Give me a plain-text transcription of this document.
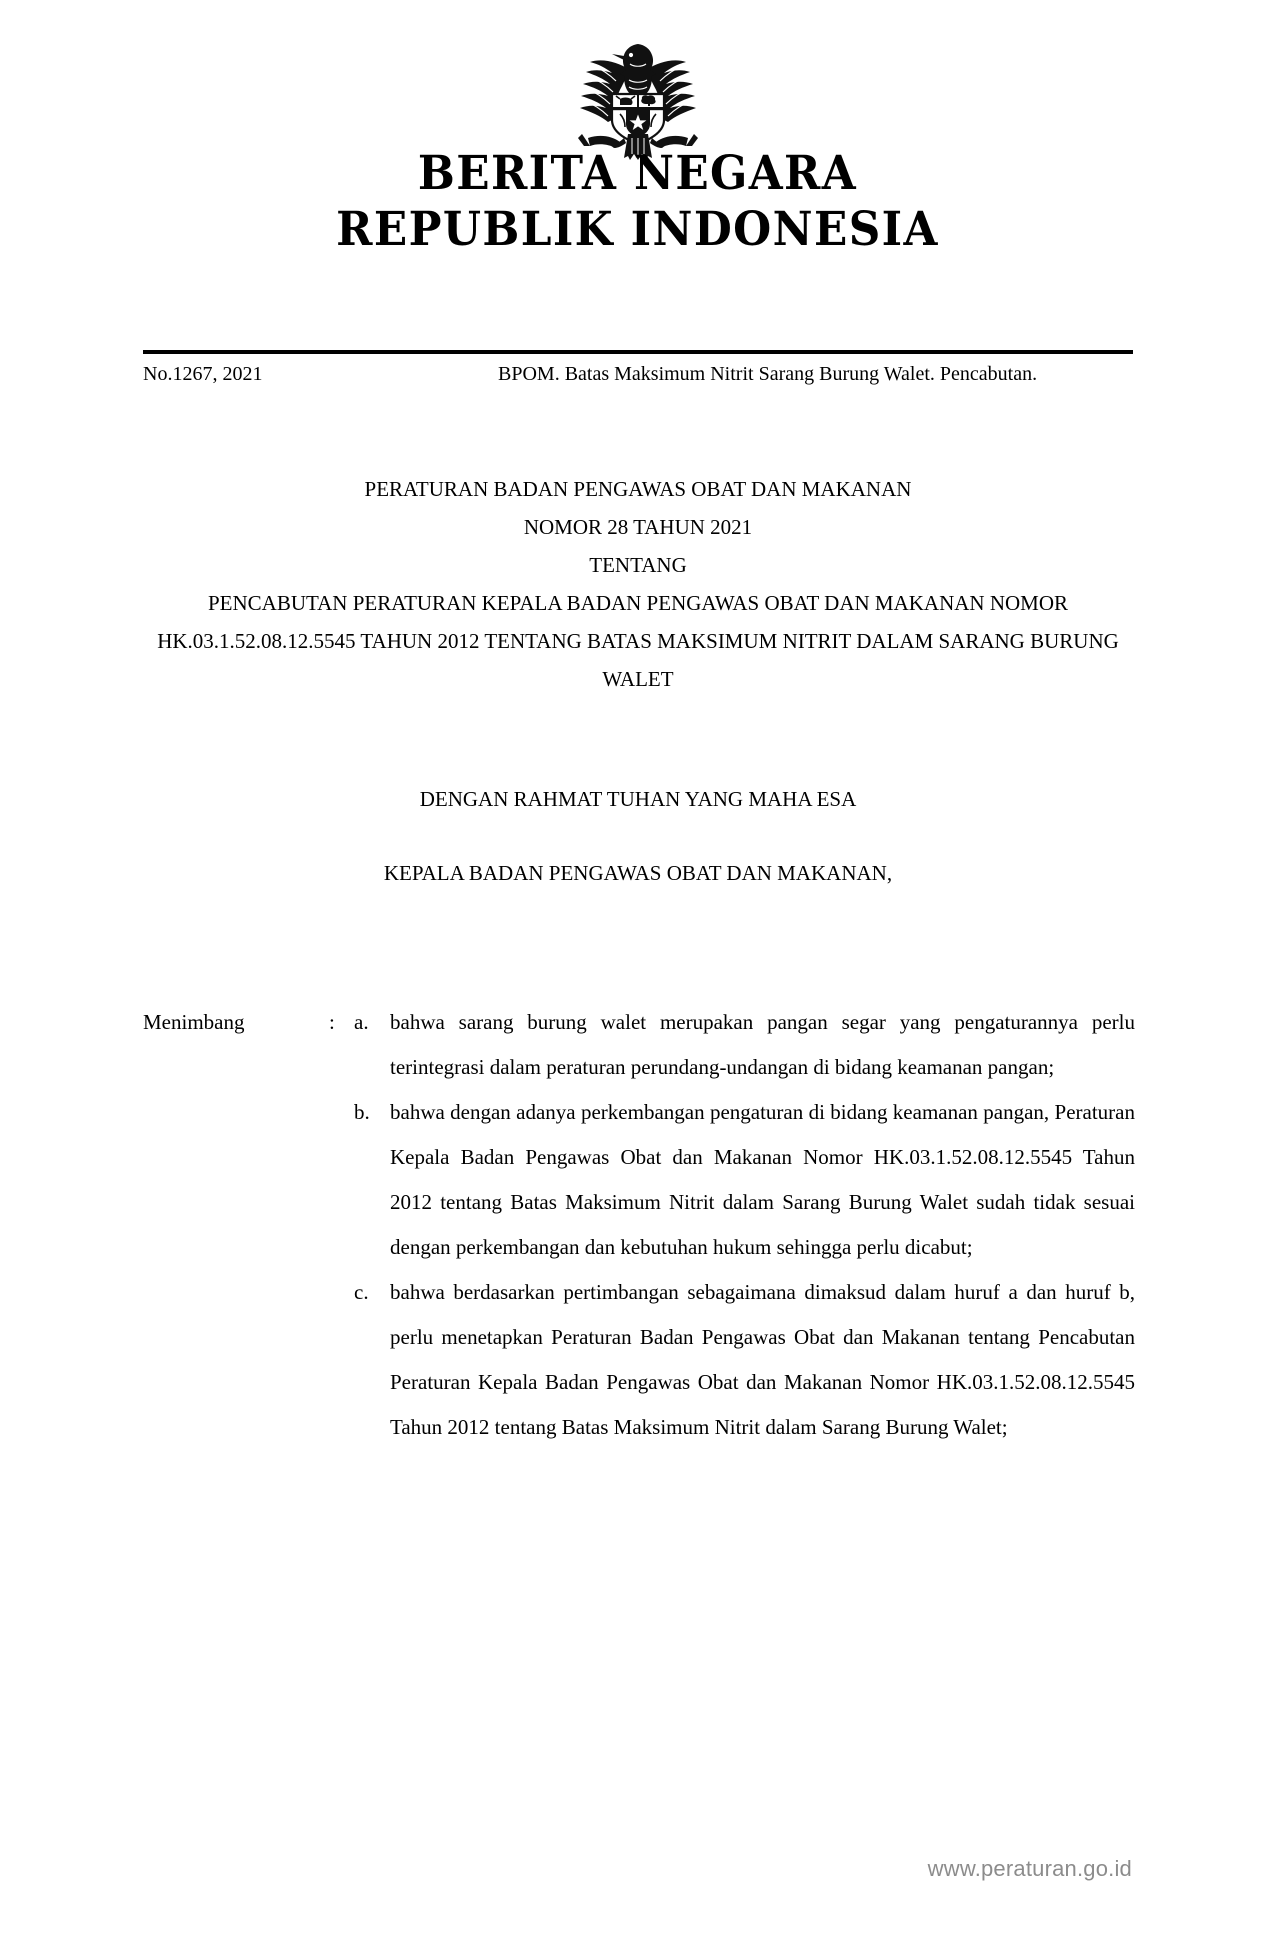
BERITA NEGARA
REPUBLIK INDONESIA
No.1267, 2021	BPOM. Batas Maksimum Nitrit Sarang Burung Walet. Pencabutan.
PERATURAN BADAN PENGAWAS OBAT DAN MAKANAN
NOMOR 28 TAHUN 2021
TENTANG
PENCABUTAN PERATURAN KEPALA BADAN PENGAWAS OBAT DAN MAKANAN NOMOR HK.03.1.52.08.12.5545 TAHUN 2012 TENTANG BATAS MAKSIMUM NITRIT DALAM SARANG BURUNG WALET
DENGAN RAHMAT TUHAN YANG MAHA ESA
KEPALA BADAN PENGAWAS OBAT DAN MAKANAN,
Menimbang	: a.	bahwa sarang burung walet merupakan pangan segar yang pengaturannya perlu terintegrasi dalam peraturan perundang-undangan di bidang keamanan pangan;
b. bahwa dengan adanya perkembangan pengaturan di bidang keamanan pangan, Peraturan Kepala Badan Pengawas Obat dan Makanan Nomor HK.03.1.52.08.12.5545 Tahun 2012 tentang Batas Maksimum Nitrit dalam Sarang Burung Walet sudah tidak sesuai dengan perkembangan dan kebutuhan hukum sehingga perlu dicabut;
c.	bahwa berdasarkan pertimbangan sebagaimana dimaksud dalam huruf a dan huruf b, perlu menetapkan Peraturan Badan Pengawas Obat dan Makanan tentang Pencabutan Peraturan Kepala Badan Pengawas Obat dan Makanan Nomor HK.03.1.52.08.12.5545 Tahun 2012 tentang Batas Maksimum Nitrit dalam Sarang Burung Walet;
www.peraturan.go.id
